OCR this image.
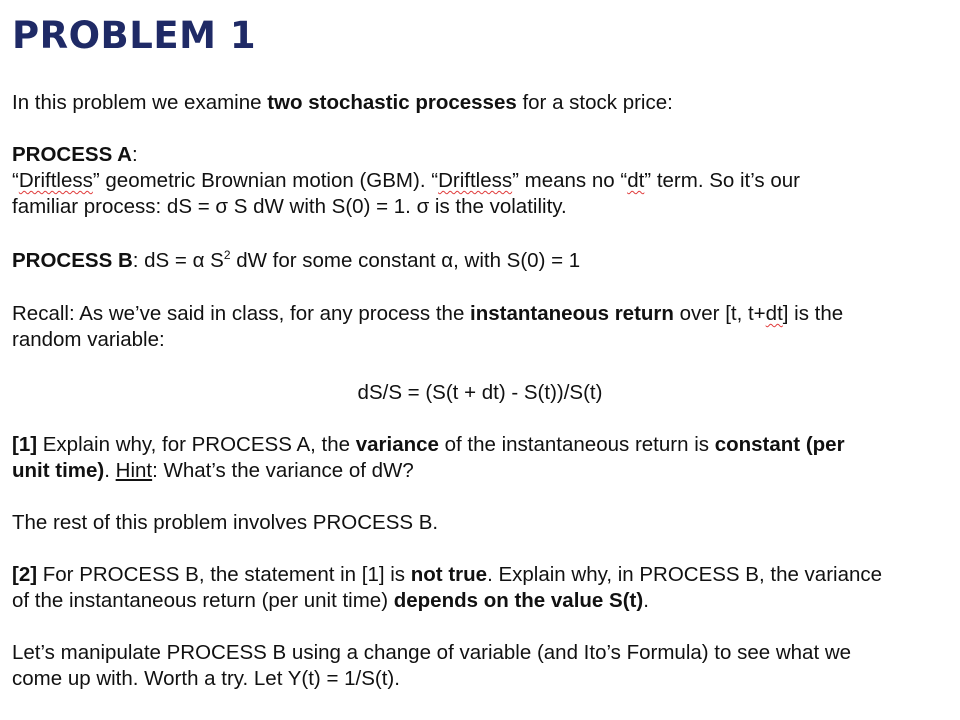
PROBLEM 1
In this problem we examine two stochastic processes for a stock price:
PROCESS A:
“Driftless” geometric Brownian motion (GBM). “Driftless” means no “dt” term. So it’s our
familiar process: dS = σ S dW with S(0) = 1. σ is the volatility.
PROCESS B: dS = α $S^2$ dW for some constant α, with S(0) = 1
Recall: As we’ve said in class, for any process the instantaneous return over [t, t+dt] is the
random variable:
dS/S = (S(t + dt) - S(t))/S(t)
[1] Explain why, for PROCESS A, the variance of the instantaneous return is constant (per
unit time). Hint: What’s the variance of dW?
The rest of this problem involves PROCESS B.
[2] For PROCESS B, the statement in [1] is not true. Explain why, in PROCESS B, the variance
of the instantaneous return (per unit time) depends on the value S(t).
Let’s manipulate PROCESS B using a change of variable (and Ito’s Formula) to see what we
come up with. Worth a try. Let Y(t) = 1/S(t).
